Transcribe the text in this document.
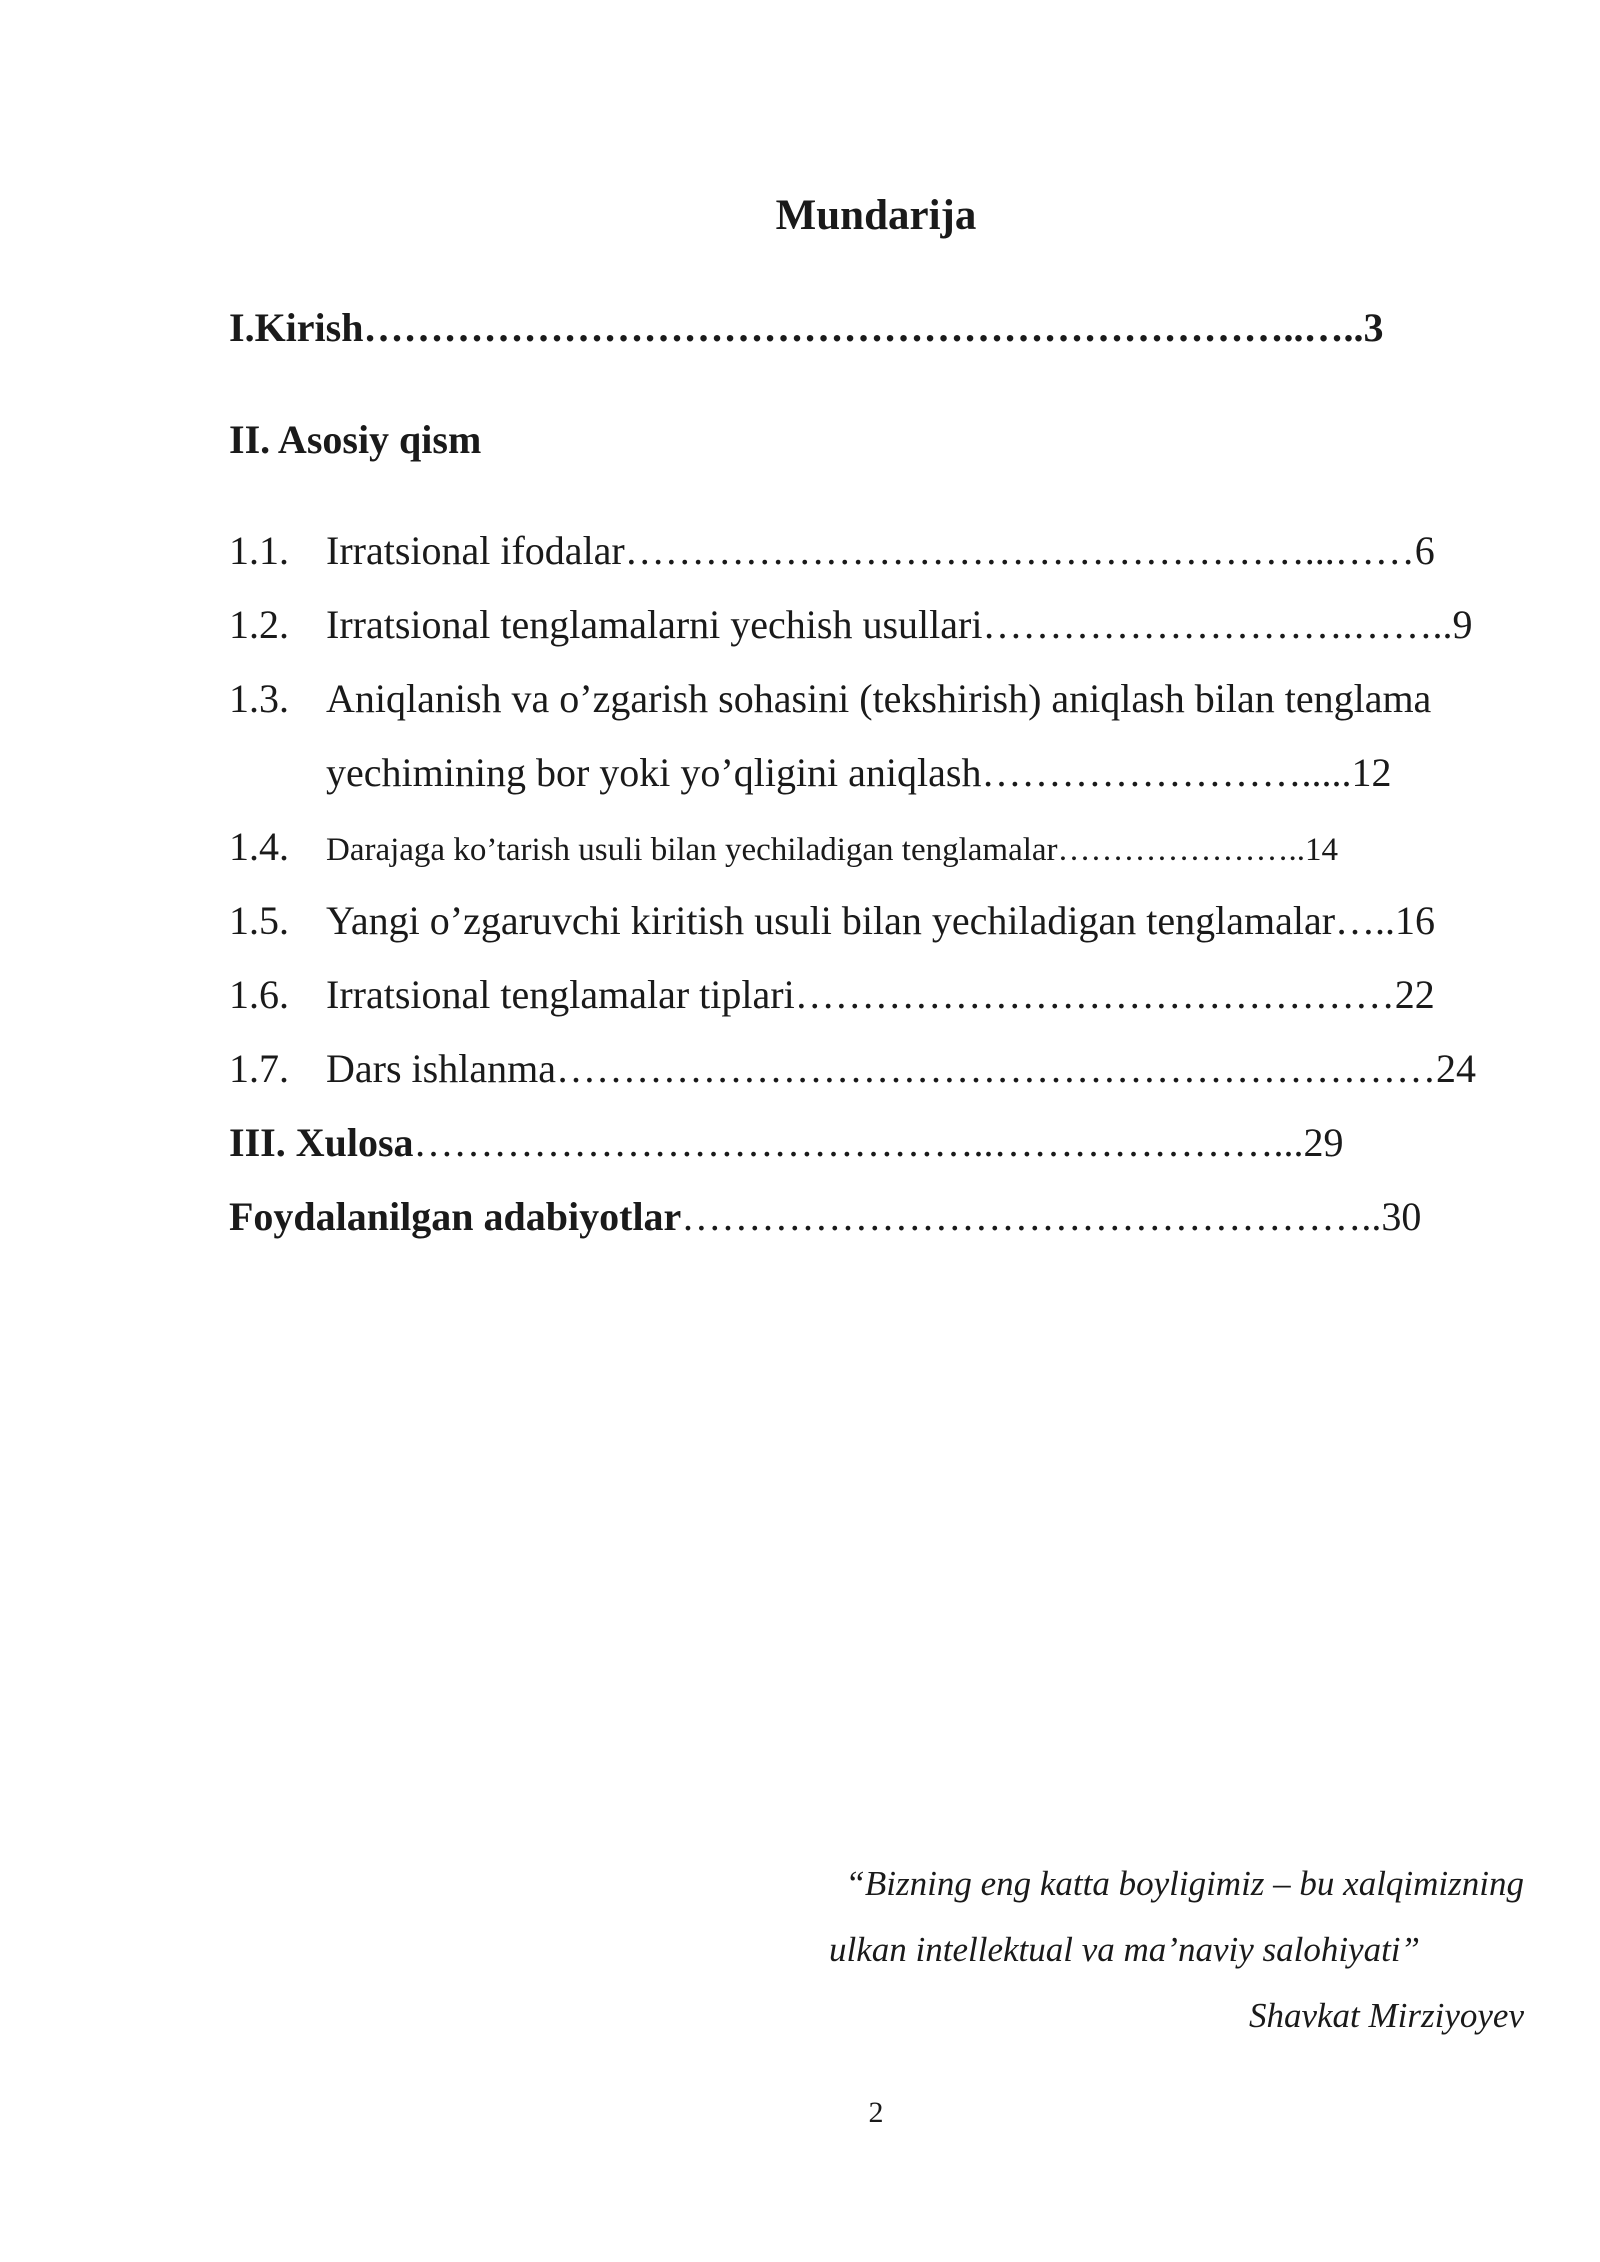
Mundarija
I.Kirish……………………………………………………………..…..3
II. Asosiy qism
1.1. Irratsional ifodalar……………………………………………...……6
1.2. Irratsional tenglamalarni yechish usullari……………………….……..9
1.3. Aniqlanish va o’zgarish sohasini (tekshirish) aniqlash bilan tenglama
yechimining bor yoki yo’qligini aniqlash…………………….....12
1.4. Darajaga ko’tarish usuli bilan yechiladigan tenglamalar…………………..14
1.5. Yangi o’zgaruvchi kiritish usuli bilan yechiladigan tenglamalar…..16
1.6. Irratsional tenglamalar tiplari………………………………………22
1.7. Dars ishlanma…………………………………………………………24
III. Xulosa……………………………………..…………………...29
Foydalanilgan adabiyotlar……………………………………………..30
“Bizning eng katta boyligimiz – bu xalqimizning
ulkan intellektual va ma’naviy salohiyati”
Shavkat Mirziyoyev
2
